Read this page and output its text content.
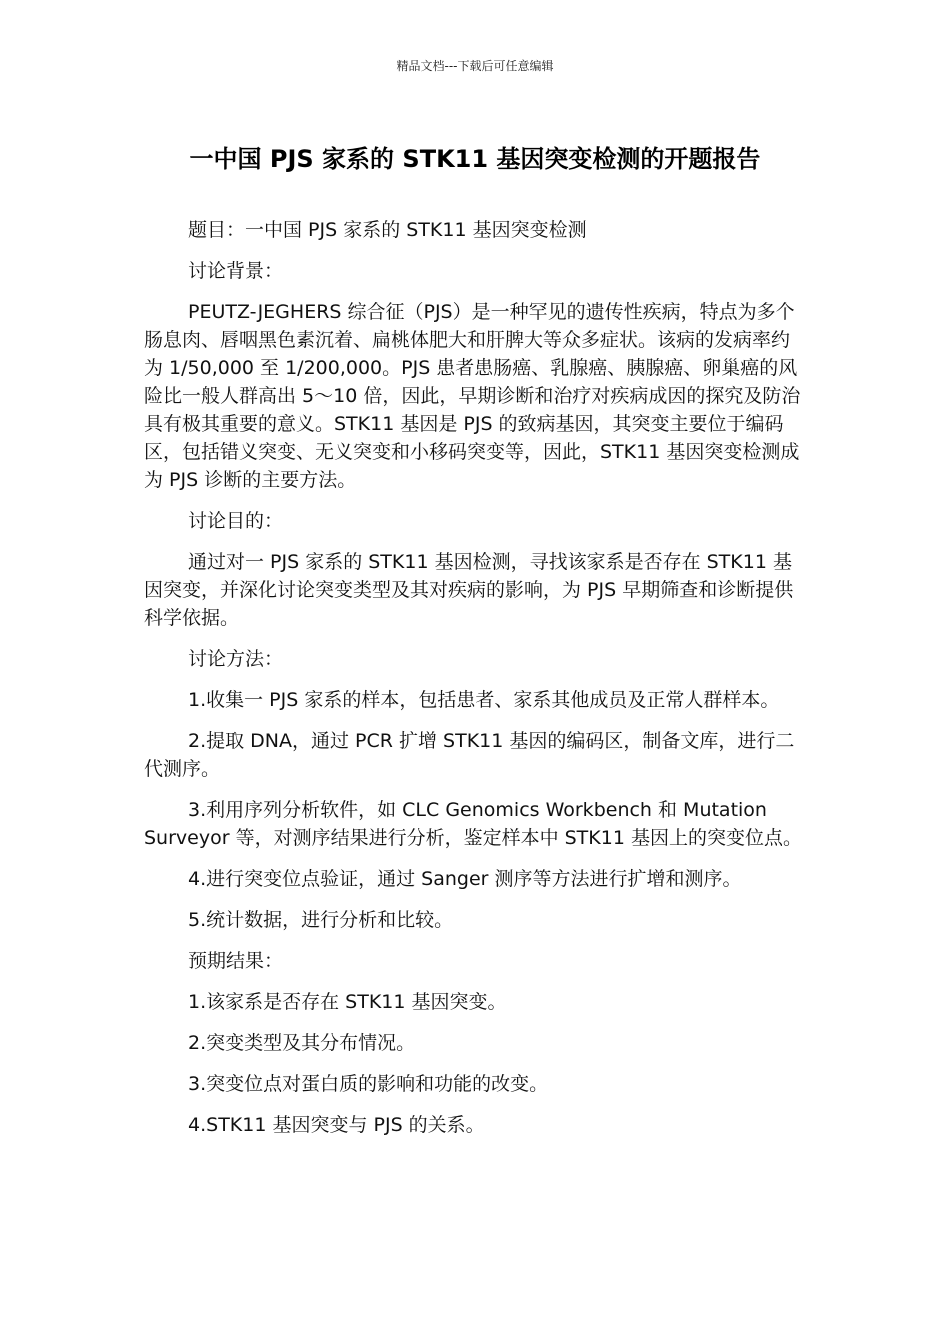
精品文档---下载后可任意编辑
一中国 PJS 家系的 STK11 基因突变检测的开题报告

题目：一中国 PJS 家系的 STK11 基因突变检测

讨论背景：

PEUTZ-JEGHERS 综合征（PJS）是一种罕见的遗传性疾病，特点为多个肠息肉、唇咽黑色素沉着、扁桃体肥大和肝脾大等众多症状。该病的发病率约为 1/50,000 至 1/200,000。PJS 患者患肠癌、乳腺癌、胰腺癌、卵巢癌的风险比一般人群高出 5～10 倍，因此，早期诊断和治疗对疾病成因的探究及防治具有极其重要的意义。STK11 基因是 PJS 的致病基因，其突变主要位于编码区，包括错义突变、无义突变和小移码突变等，因此，STK11 基因突变检测成为 PJS 诊断的主要方法。

讨论目的：

通过对一 PJS 家系的 STK11 基因检测，寻找该家系是否存在 STK11 基因突变，并深化讨论突变类型及其对疾病的影响，为 PJS 早期筛查和诊断提供科学依据。

讨论方法：

1.收集一 PJS 家系的样本，包括患者、家系其他成员及正常人群样本。

2.提取 DNA，通过 PCR 扩增 STK11 基因的编码区，制备文库，进行二代测序。

3.利用序列分析软件，如 CLC Genomics Workbench 和 Mutation Surveyor 等，对测序结果进行分析，鉴定样本中 STK11 基因上的突变位点。

4.进行突变位点验证，通过 Sanger 测序等方法进行扩增和测序。

5.统计数据，进行分析和比较。

预期结果：

1.该家系是否存在 STK11 基因突变。

2.突变类型及其分布情况。

3.突变位点对蛋白质的影响和功能的改变。

4.STK11 基因突变与 PJS 的关系。
